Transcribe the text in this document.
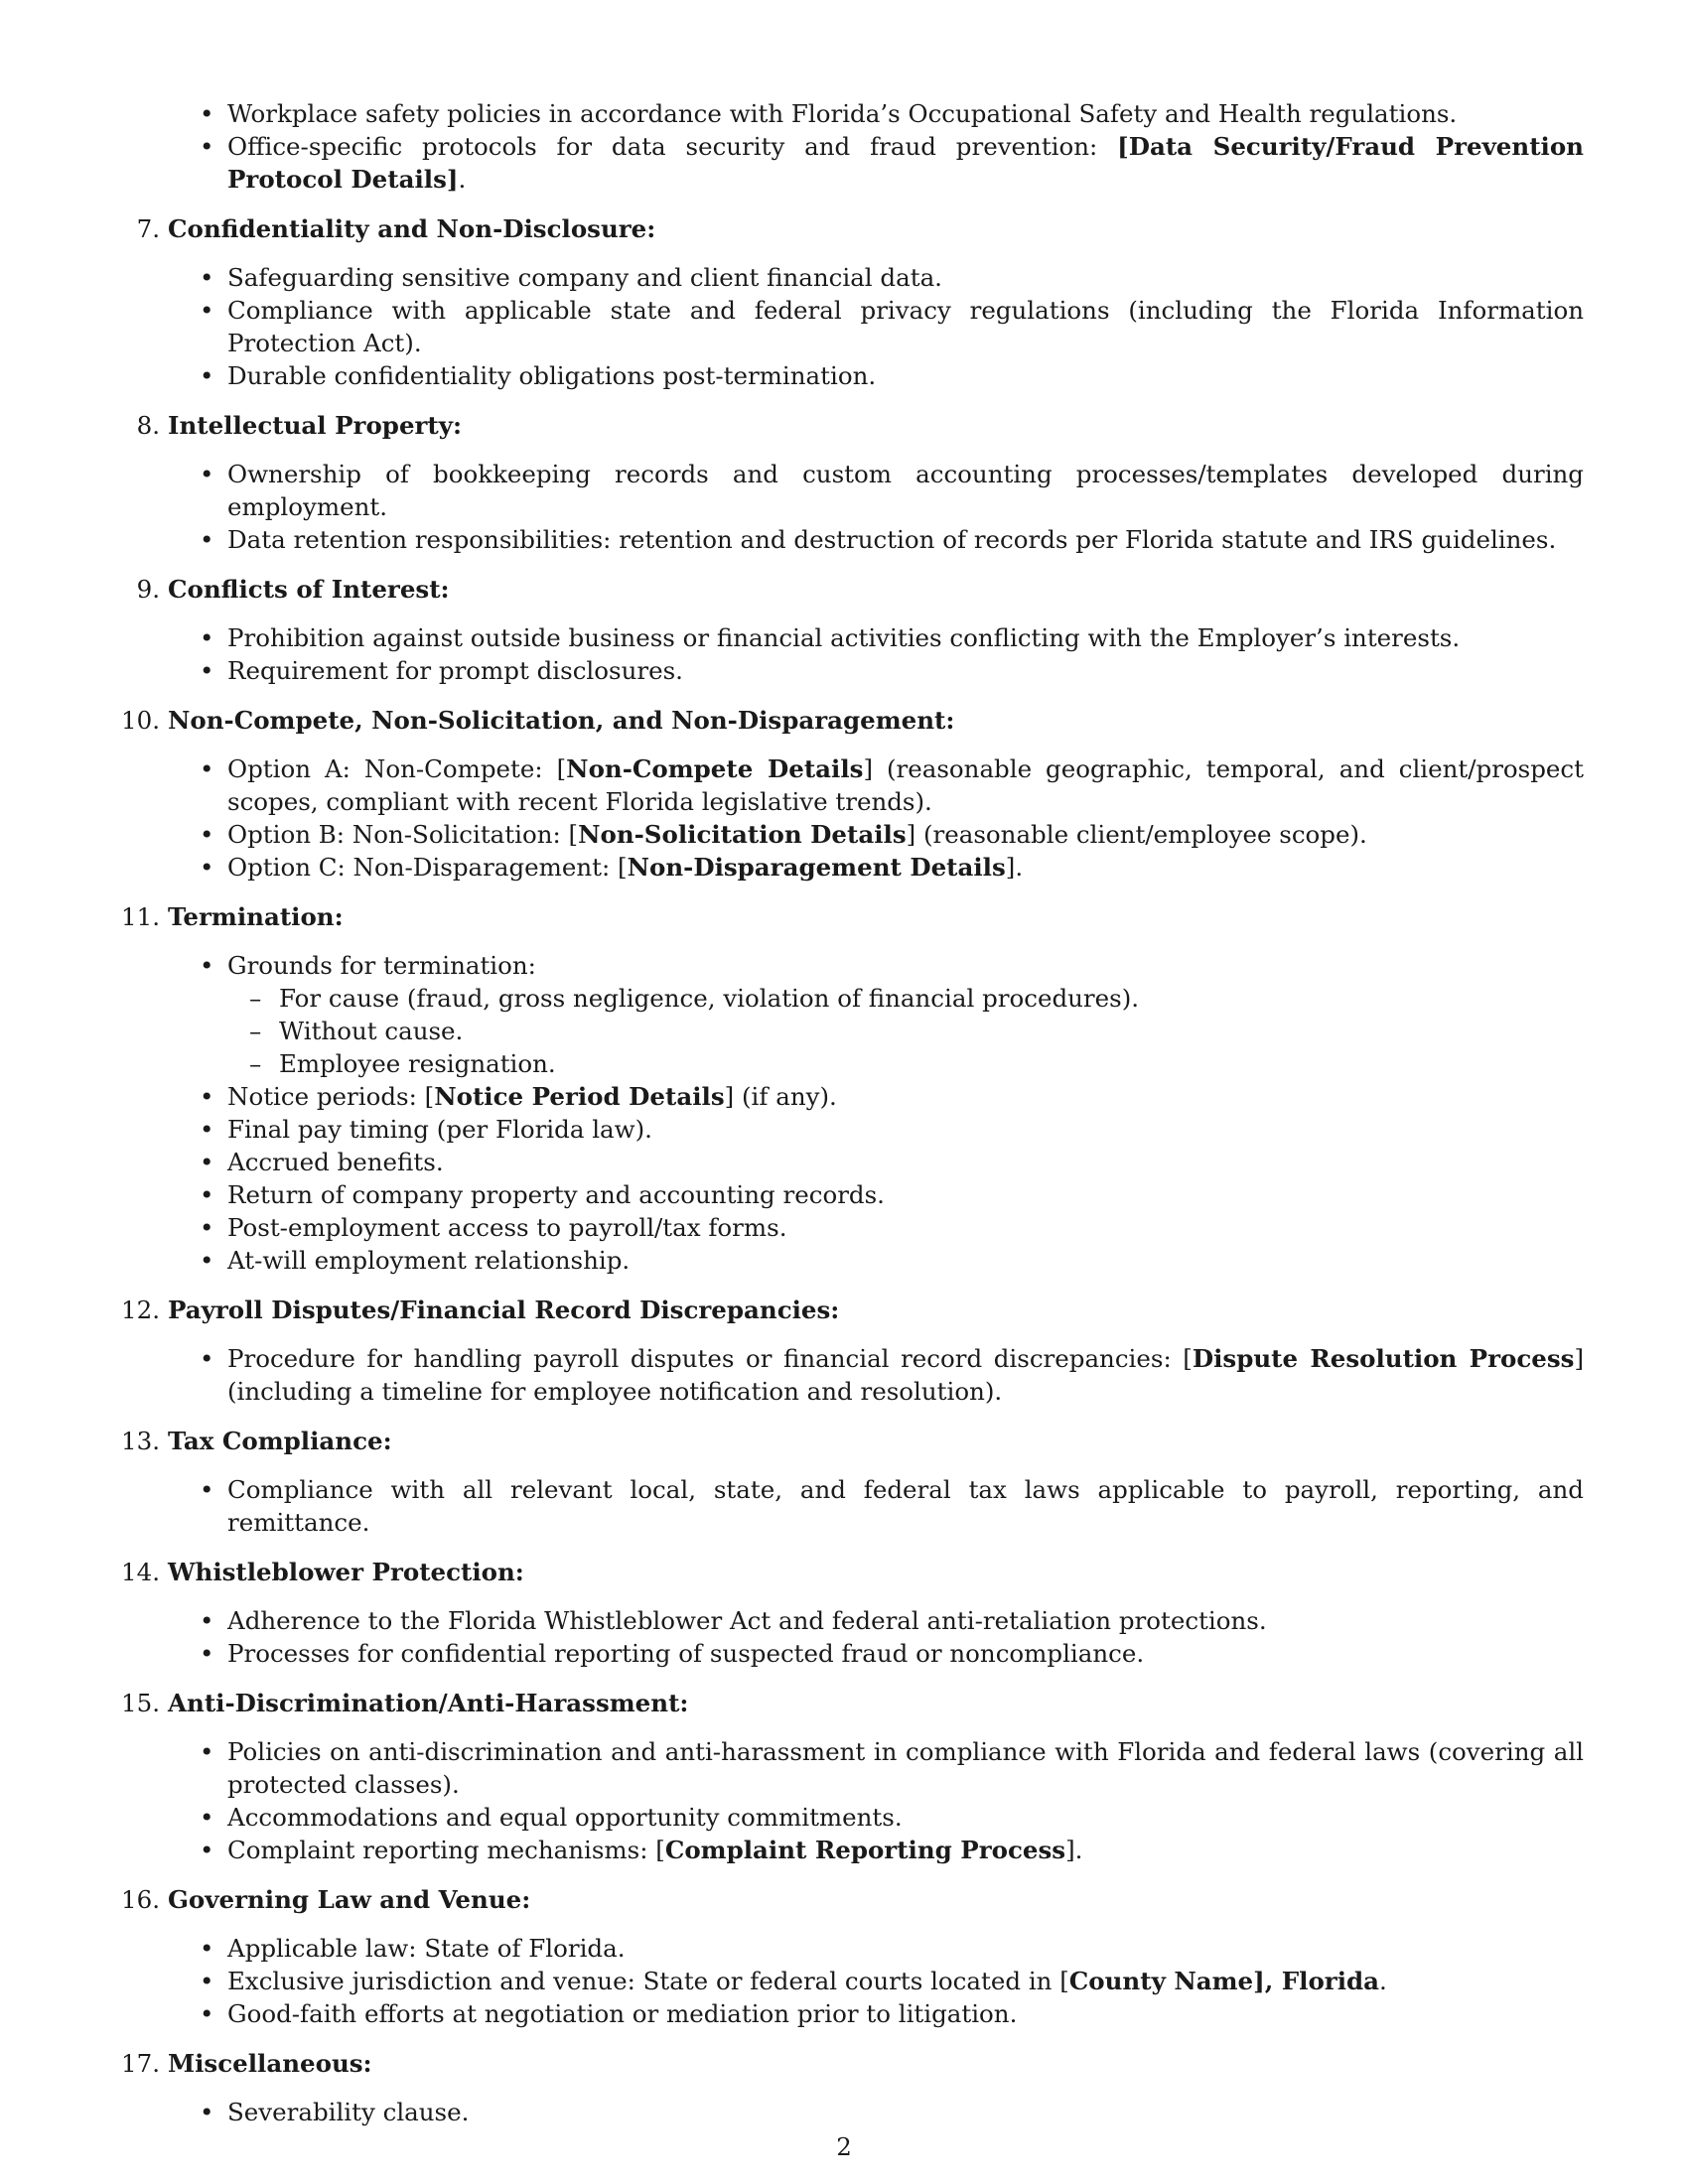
• Workplace safety policies in accordance with Florida’s Occupational Safety and Health regulations.
• Office-specific protocols for data security and fraud prevention: [Data Security/Fraud Prevention Protocol Details].
7. Confidentiality and Non-Disclosure:
• Safeguarding sensitive company and client financial data.
• Compliance with applicable state and federal privacy regulations (including the Florida Information Protection Act).
• Durable confidentiality obligations post-termination.
8. Intellectual Property:
• Ownership of bookkeeping records and custom accounting processes/templates developed during employment.
• Data retention responsibilities: retention and destruction of records per Florida statute and IRS guidelines.
9. Conflicts of Interest:
• Prohibition against outside business or financial activities conflicting with the Employer’s interests.
• Requirement for prompt disclosures.
10. Non-Compete, Non-Solicitation, and Non-Disparagement:
• Option A: Non-Compete: [Non-Compete Details] (reasonable geographic, temporal, and client/prospect scopes, compliant with recent Florida legislative trends).
• Option B: Non-Solicitation: [Non-Solicitation Details] (reasonable client/employee scope).
• Option C: Non-Disparagement: [Non-Disparagement Details].
11. Termination:
• Grounds for termination:
– For cause (fraud, gross negligence, violation of financial procedures).
– Without cause.
– Employee resignation.
• Notice periods: [Notice Period Details] (if any).
• Final pay timing (per Florida law).
• Accrued benefits.
• Return of company property and accounting records.
• Post-employment access to payroll/tax forms.
• At-will employment relationship.
12. Payroll Disputes/Financial Record Discrepancies:
• Procedure for handling payroll disputes or financial record discrepancies: [Dispute Resolution Process] (including a timeline for employee notification and resolution).
13. Tax Compliance:
• Compliance with all relevant local, state, and federal tax laws applicable to payroll, reporting, and remittance.
14. Whistleblower Protection:
• Adherence to the Florida Whistleblower Act and federal anti-retaliation protections.
• Processes for confidential reporting of suspected fraud or noncompliance.
15. Anti-Discrimination/Anti-Harassment:
• Policies on anti-discrimination and anti-harassment in compliance with Florida and federal laws (covering all protected classes).
• Accommodations and equal opportunity commitments.
• Complaint reporting mechanisms: [Complaint Reporting Process].
16. Governing Law and Venue:
• Applicable law: State of Florida.
• Exclusive jurisdiction and venue: State or federal courts located in [County Name], Florida.
• Good-faith efforts at negotiation or mediation prior to litigation.
17. Miscellaneous:
• Severability clause.
2
